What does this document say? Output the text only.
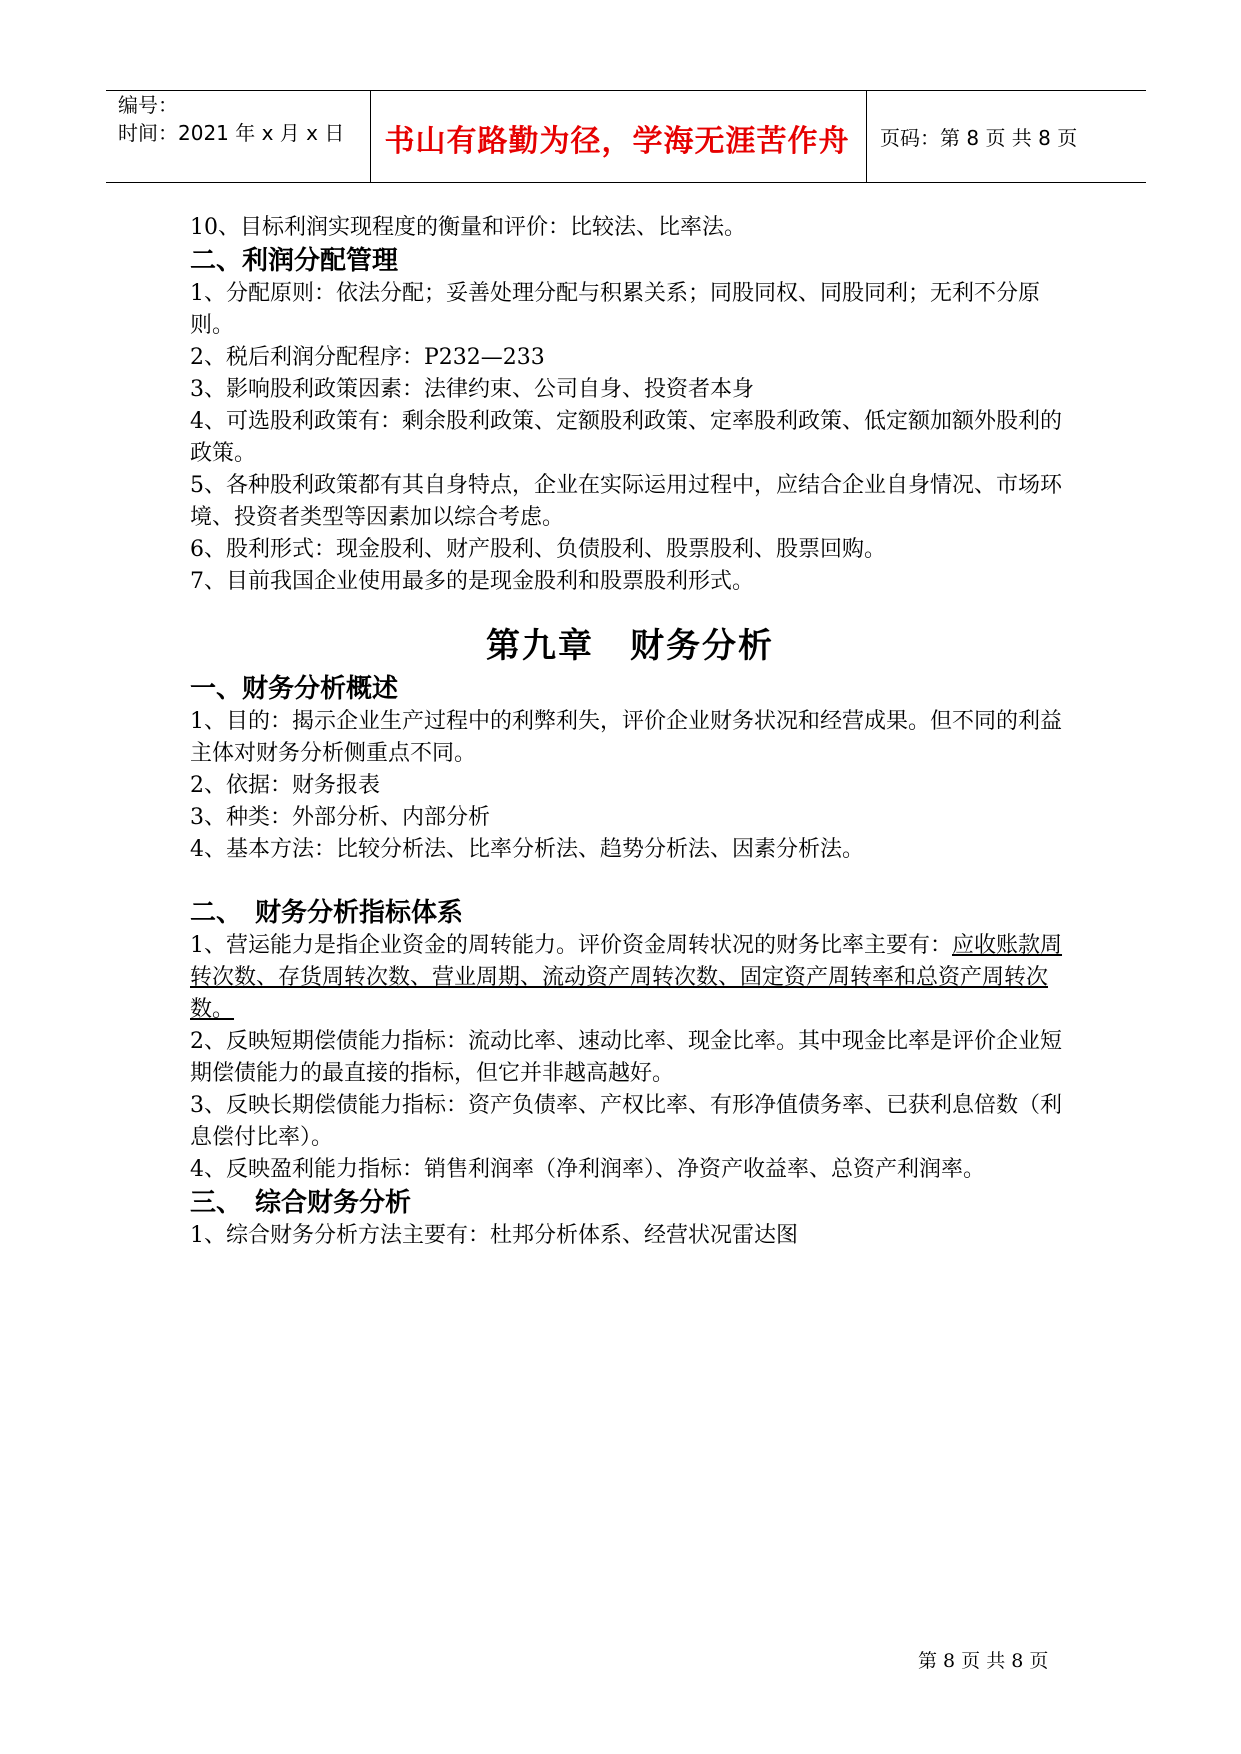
编号：
时间：2021 年 x 月 x 日	书山有路勤为径，学海无涯苦作舟	页码：第 8 页 共 8 页

10、目标利润实现程度的衡量和评价：比较法、比率法。

二、利润分配管理

1、分配原则：依法分配；妥善处理分配与积累关系；同股同权、同股同利；无利不分原则。

2、税后利润分配程序：P232—233

3、影响股利政策因素：法律约束、公司自身、投资者本身

4、可选股利政策有：剩余股利政策、定额股利政策、定率股利政策、低定额加额外股利的政策。

5、各种股利政策都有其自身特点，企业在实际运用过程中，应结合企业自身情况、市场环境、投资者类型等因素加以综合考虑。

6、股利形式：现金股利、财产股利、负债股利、股票股利、股票回购。

7、目前我国企业使用最多的是现金股利和股票股利形式。

第九章　财务分析

一、财务分析概述

1、目的：揭示企业生产过程中的利弊利失，评价企业财务状况和经营成果。但不同的利益主体对财务分析侧重点不同。

2、依据：财务报表

3、种类：外部分析、内部分析

4、基本方法：比较分析法、比率分析法、趋势分析法、因素分析法。

二、　财务分析指标体系

1、营运能力是指企业资金的周转能力。评价资金周转状况的财务比率主要有：应收账款周转次数、存货周转次数、营业周期、流动资产周转次数、固定资产周转率和总资产周转次数。

2、反映短期偿债能力指标：流动比率、速动比率、现金比率。其中现金比率是评价企业短期偿债能力的最直接的指标，但它并非越高越好。

3、反映长期偿债能力指标：资产负债率、产权比率、有形净值债务率、已获利息倍数（利息偿付比率）。

4、反映盈利能力指标：销售利润率（净利润率）、净资产收益率、总资产利润率。

三、　综合财务分析

1、综合财务分析方法主要有：杜邦分析体系、经营状况雷达图

第 8 页 共 8 页
